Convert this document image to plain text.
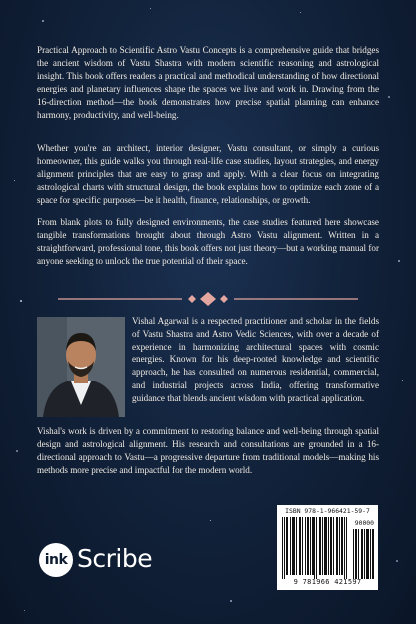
Practical Approach to Scientific Astro Vastu Concepts is a comprehensive guide that bridges the ancient wisdom of Vastu Shastra with modern scientific reasoning and astrological insight. This book offers readers a practical and methodical understanding of how directional energies and planetary influences shape the spaces we live and work in. Drawing from the 16-direction method—the book demonstrates how precise spatial planning can enhance harmony, productivity, and well-being.

Whether you're an architect, interior designer, Vastu consultant, or simply a curious homeowner, this guide walks you through real-life case studies, layout strategies, and energy alignment principles that are easy to grasp and apply. With a clear focus on integrating astrological charts with structural design, the book explains how to optimize each zone of a space for specific purposes—be it health, finance, relationships, or growth.

From blank plots to fully designed environments, the case studies featured here showcase tangible transformations brought about through Astro Vastu alignment. Written in a straightforward, professional tone, this book offers not just theory—but a working manual for anyone seeking to unlock the true potential of their space.

Vishal Agarwal is a respected practitioner and scholar in the fields of Vastu Shastra and Astro Vedic Sciences, with over a decade of experience in harmonizing architectural spaces with cosmic energies. Known for his deep-rooted knowledge and scientific approach, he has consulted on numerous residential, commercial, and industrial projects across India, offering transformative guidance that blends ancient wisdom with practical application.

Vishal's work is driven by a commitment to restoring balance and well-being through spatial design and astrological alignment. His research and consultations are grounded in a 16-directional approach to Vastu—a progressive departure from traditional models—making his methods more precise and impactful for the modern world.

ISBN 978-1-966421-59-7
90000
9 781966 421597
ink Scribe
